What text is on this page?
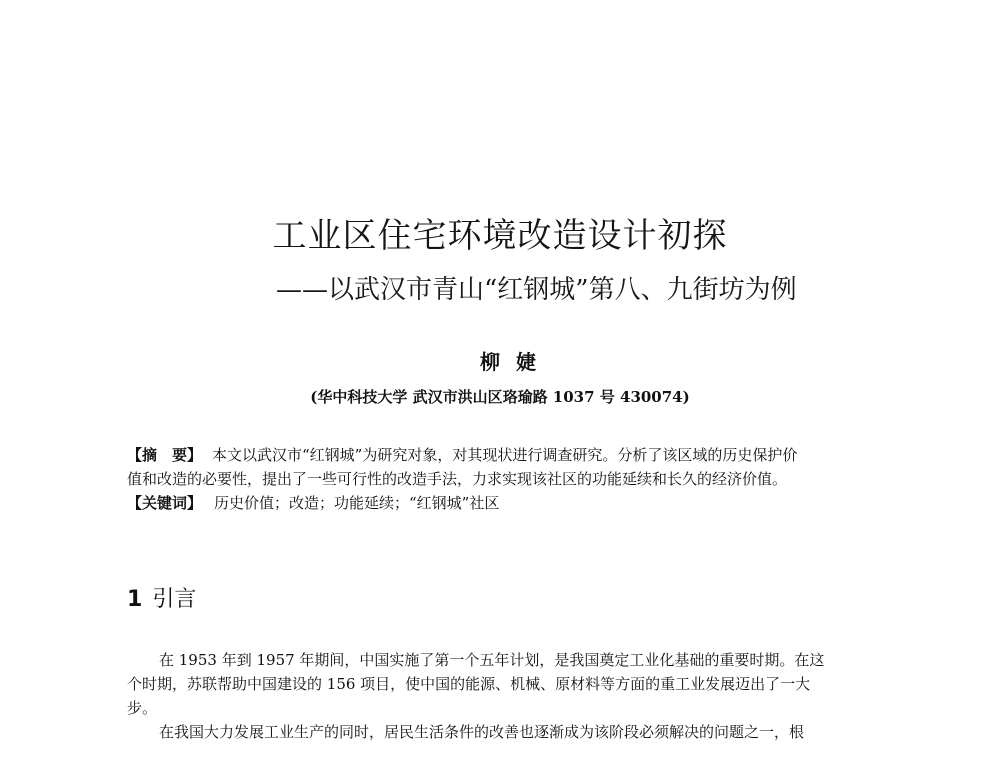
工业区住宅环境改造设计初探
——以武汉市青山“红钢城”第八、九街坊为例
柳婕
(华中科技大学 武汉市洪山区珞瑜路 1037 号 430074)
【摘　要】 本文以武汉市“红钢城”为研究对象，对其现状进行调查研究。分析了该区域的历史保护价
值和改造的必要性，提出了一些可行性的改造手法，力求实现该社区的功能延续和长久的经济价值。
【关键词】 历史价值；改造；功能延续；“红钢城”社区
1 引言
在 1953 年到 1957 年期间，中国实施了第一个五年计划，是我国奠定工业化基础的重要时期。在这
个时期，苏联帮助中国建设的 156 项目，使中国的能源、机械、原材料等方面的重工业发展迈出了一大
步。
在我国大力发展工业生产的同时，居民生活条件的改善也逐渐成为该阶段必须解决的问题之一，根
